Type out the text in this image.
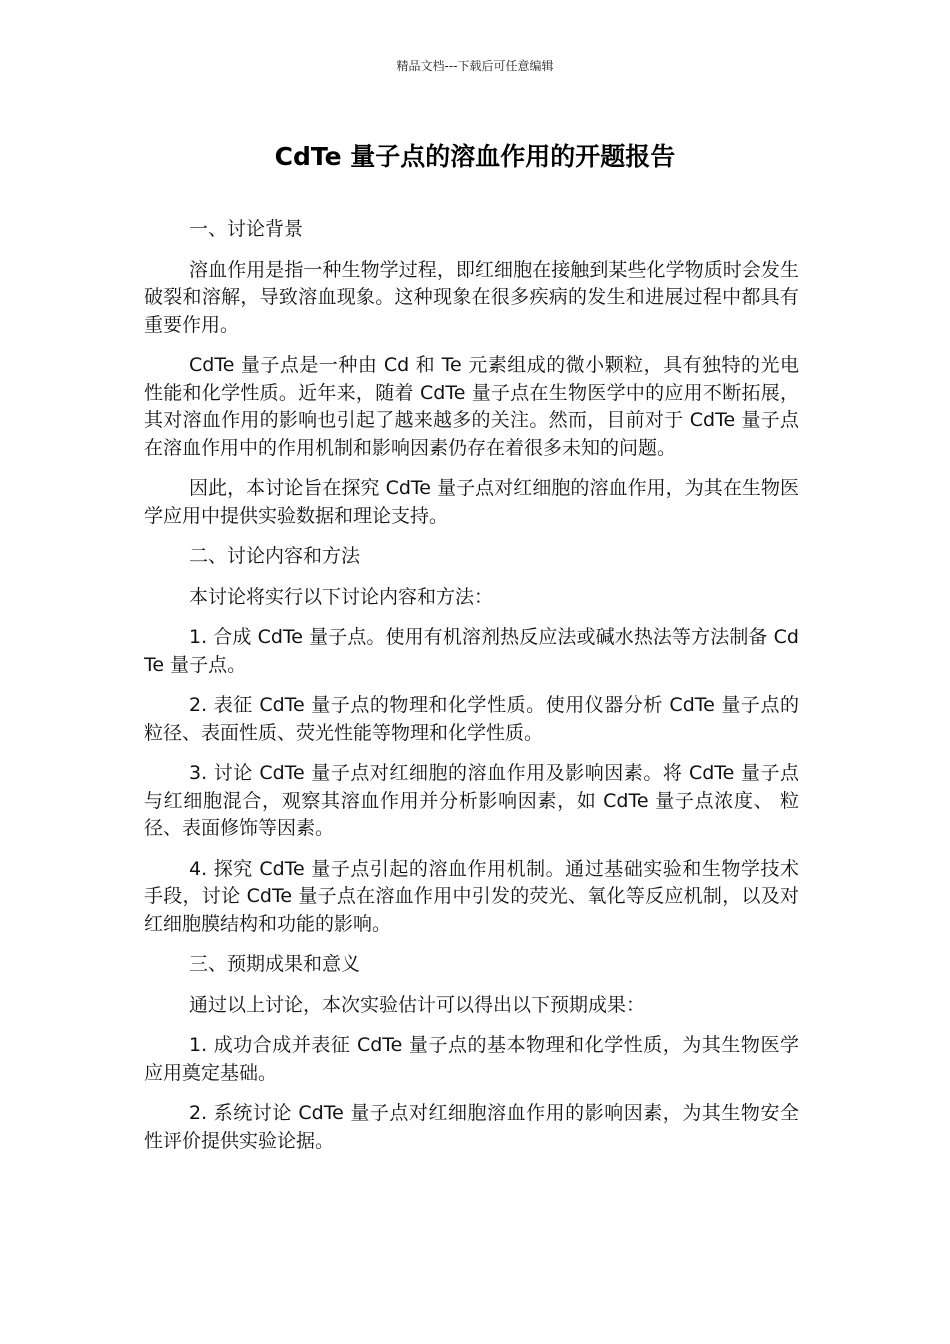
精品文档---下载后可任意编辑
CdTe 量子点的溶血作用的开题报告

一、讨论背景

溶血作用是指一种生物学过程，即红细胞在接触到某些化学物质时会发生破裂和溶解，导致溶血现象。这种现象在很多疾病的发生和进展过程中都具有重要作用。

CdTe 量子点是一种由 Cd 和 Te 元素组成的微小颗粒，具有独特的光电性能和化学性质。近年来，随着 CdTe 量子点在生物医学中的应用不断拓展，其对溶血作用的影响也引起了越来越多的关注。然而，目前对于 CdTe 量子点在溶血作用中的作用机制和影响因素仍存在着很多未知的问题。

因此，本讨论旨在探究 CdTe 量子点对红细胞的溶血作用，为其在生物医学应用中提供实验数据和理论支持。

二、讨论内容和方法

本讨论将实行以下讨论内容和方法：

1. 合成 CdTe 量子点。使用有机溶剂热反应法或碱水热法等方法制备 CdTe 量子点。

2. 表征 CdTe 量子点的物理和化学性质。使用仪器分析 CdTe 量子点的粒径、表面性质、荧光性能等物理和化学性质。

3. 讨论 CdTe 量子点对红细胞的溶血作用及影响因素。将 CdTe 量子点与红细胞混合，观察其溶血作用并分析影响因素，如 CdTe 量子点浓度、 粒径、表面修饰等因素。

4. 探究 CdTe 量子点引起的溶血作用机制。通过基础实验和生物学技术手段，讨论 CdTe 量子点在溶血作用中引发的荧光、氧化等反应机制，以及对红细胞膜结构和功能的影响。

三、预期成果和意义

通过以上讨论，本次实验估计可以得出以下预期成果：

1. 成功合成并表征 CdTe 量子点的基本物理和化学性质，为其生物医学应用奠定基础。

2. 系统讨论 CdTe 量子点对红细胞溶血作用的影响因素，为其生物安全性评价提供实验论据。
